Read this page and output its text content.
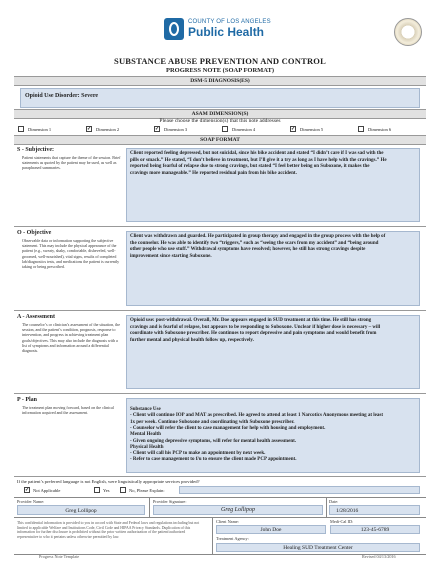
COUNTY OF LOS ANGELES
Public Health
SUBSTANCE ABUSE PREVENTION AND CONTROL
PROGRESS NOTE (SOAP FORMAT)
DSM-5 DIAGNOSIS(ES)
Opioid Use Disorder: Severe
ASAM DIMENSION(S)
Please choose the dimension(s) that this note addresses
Dimension 1	✓ Dimension 2	✓ Dimension 3	Dimension 4	✓ Dimension 5	Dimension 6
SOAP FORMAT
S - Subjective:
Patient statements that capture the theme of the session. Brief statements as quoted by the patient may be used, as well as paraphrased summaries.
Client reported feeling depressed, but not suicidal, since his bike accident and stated “I didn’t care if I was sad with the
pills or smack.” He stated, “I don’t believe in treatment, but I’ll give it a try as long as I have help with the cravings.” He
reported being fearful of relapse due to strong cravings, but stated “I feel better being on Suboxone, it makes the
cravings more manageable.” He reported residual pain from his bike accident.
O - Objective
Observable data or information supporting the subjective statement. This may include the physical appearance of the patient (e.g., sweaty, shaky, comfortable, disheveled, well-groomed, well-nourished), vital signs, results of completed lab/diagnostics tests, and medications the patient is currently taking or being prescribed.
Client was withdrawn and guarded. He participated in group therapy and engaged in the group process with the help of
the counselor. He was able to identify two “triggers,” such as “seeing the scars from my accident” and “being around
other people who use stuff.” Withdrawal symptoms have resolved; however, he still has strong cravings despite
improvement since starting Suboxone.
A - Assessment
The counselor’s or clinician’s assessment of the situation, the session, and the patient’s condition, prognosis, response to intervention, and progress in achieving treatment plan goals/objectives. This may also include the diagnosis with a list of symptoms and information around a differential diagnosis.
Opioid use: post-withdrawal. Overall, Mr. Doe appears engaged in SUD treatment at this time. He still has strong
cravings and is fearful of relapse, but appears to be responding to Suboxone. Unclear if higher dose is necessary – will
coordinate with Suboxone prescriber. He continues to report depressive and pain symptoms and would benefit from
further mental and physical health follow up, respectively.
P - Plan
The treatment plan moving forward, based on the clinical information acquired and the assessment.
Substance Use
- Client will continue IOP and MAT as prescribed. He agreed to attend at least 1 Narcotics Anonymous meeting at least
1x per week. Continue Suboxone and coordinating with Suboxone prescriber.
- Counselor will refer the client to case management for help with housing and employment.
Mental Health
- Given ongoing depressive symptoms, will refer for mental health assessment.
Physical Health
- Client will call his PCP to make an appointment by next week.
- Refer to case management to f/u to ensure the client made PCP appointment.
If the patient’s preferred language is not English, were linguistically appropriate services provided?
✓ Not Applicable	Yes	No, Please Explain:
Provider Name:
Greg Lollipop
Provider Signature:
Greg Lollipop
Date:
1/28/2016
This confidential information is provided to you in accord with State and Federal laws and regulations including but not limited to applicable Welfare and Institutions Code, Civil Code and HIPAA Privacy Standards. Duplication of this information for further disclosure is prohibited without the prior written authorization of the patient/authorized representative to who it pertains unless otherwise permitted by law.
Client Name:
John Doe
Medi-Cal ID:
123-45-6789
Treatment Agency:
Healing SUD Treatment Center
Progress Note Template	Revised 04/13/2016
